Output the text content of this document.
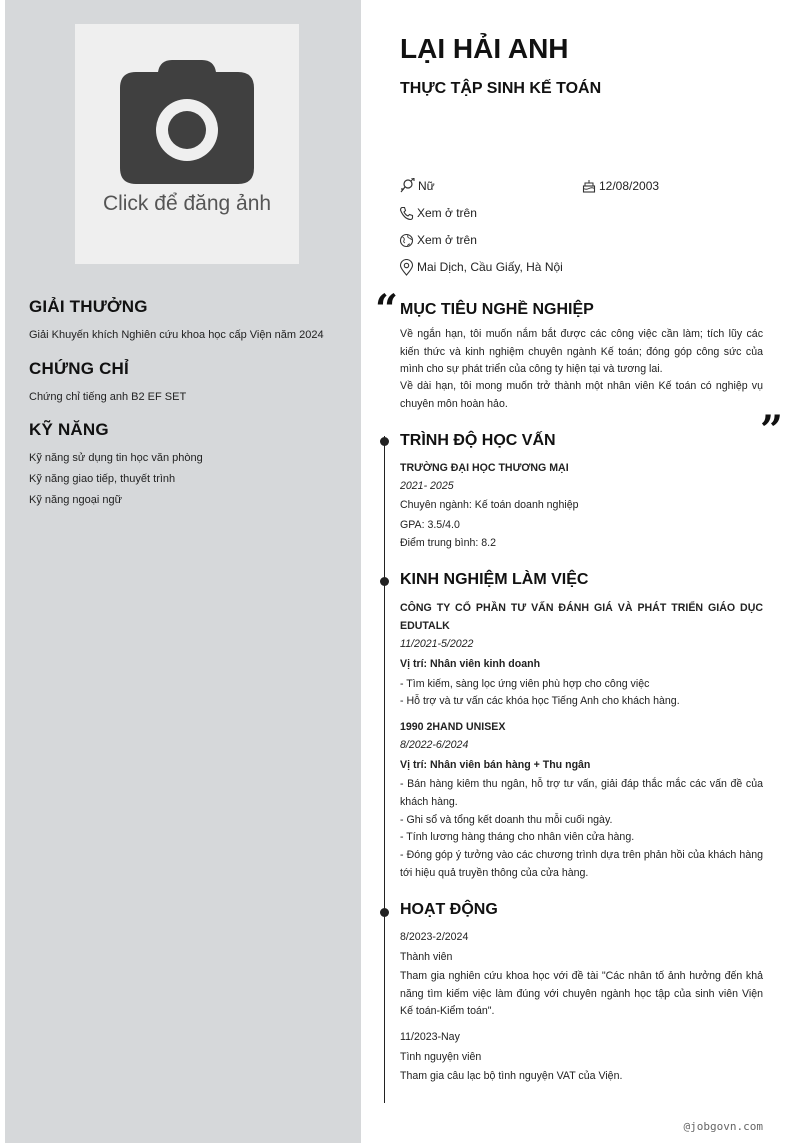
Click để đăng ảnh
GIẢI THƯỞNG
Giải Khuyến khích Nghiên cứu khoa học cấp Viện năm 2024
CHỨNG CHỈ
Chứng chỉ tiếng anh B2 EF SET
KỸ NĂNG
Kỹ năng sử dụng tin học văn phòng
Kỹ năng giao tiếp, thuyết trình
Kỹ năng ngoại ngữ
LẠI HẢI ANH
THỰC TẬP SINH KẾ TOÁN
Nữ	12/08/2003
Xem ở trên
Xem ở trên
Mai Dịch, Cầu Giấy, Hà Nội
“
”
MỤC TIÊU NGHỀ NGHIỆP
Về ngắn hạn, tôi muốn nắm bắt được các công việc cần làm; tích lũy các kiến thức và kinh nghiệm chuyên ngành Kế toán; đóng góp công sức của mình cho sự phát triển của công ty hiện tại và tương lai.
Về dài hạn, tôi mong muốn trở thành một nhân viên Kế toán có nghiệp vụ chuyên môn hoàn hảo.
TRÌNH ĐỘ HỌC VẤN
TRƯỜNG ĐẠI HỌC THƯƠNG MẠI
2021- 2025
Chuyên ngành: Kế toán doanh nghiệp
GPA: 3.5/4.0
Điểm trung bình: 8.2
KINH NGHIỆM LÀM VIỆC
CÔNG TY CỔ PHẦN TƯ VẤN ĐÁNH GIÁ VÀ PHÁT TRIỂN GIÁO DỤC EDUTALK
11/2021-5/2022
Vị trí: Nhân viên kinh doanh
- Tìm kiếm, sàng lọc ứng viên phù hợp cho công việc
- Hỗ trợ và tư vấn các khóa học Tiếng Anh cho khách hàng.
1990 2HAND UNISEX
8/2022-6/2024
Vị trí: Nhân viên bán hàng + Thu ngân
- Bán hàng kiêm thu ngân, hỗ trợ tư vấn, giải đáp thắc mắc các vấn đề của khách hàng.
- Ghi sổ và tổng kết doanh thu mỗi cuối ngày.
- Tính lương hàng tháng cho nhân viên cửa hàng.
- Đóng góp ý tưởng vào các chương trình dựa trên phản hồi của khách hàng tới hiệu quả truyền thông của cửa hàng.
HOẠT ĐỘNG
8/2023-2/2024
Thành viên
Tham gia nghiên cứu khoa học với đề tài "Các nhân tố ảnh hưởng đến khả năng tìm kiếm việc làm đúng với chuyên ngành học tập của sinh viên Viện Kế toán-Kiểm toán".
11/2023-Nay
Tình nguyện viên
Tham gia câu lạc bộ tình nguyện VAT của Viện.
@jobgovn.com
